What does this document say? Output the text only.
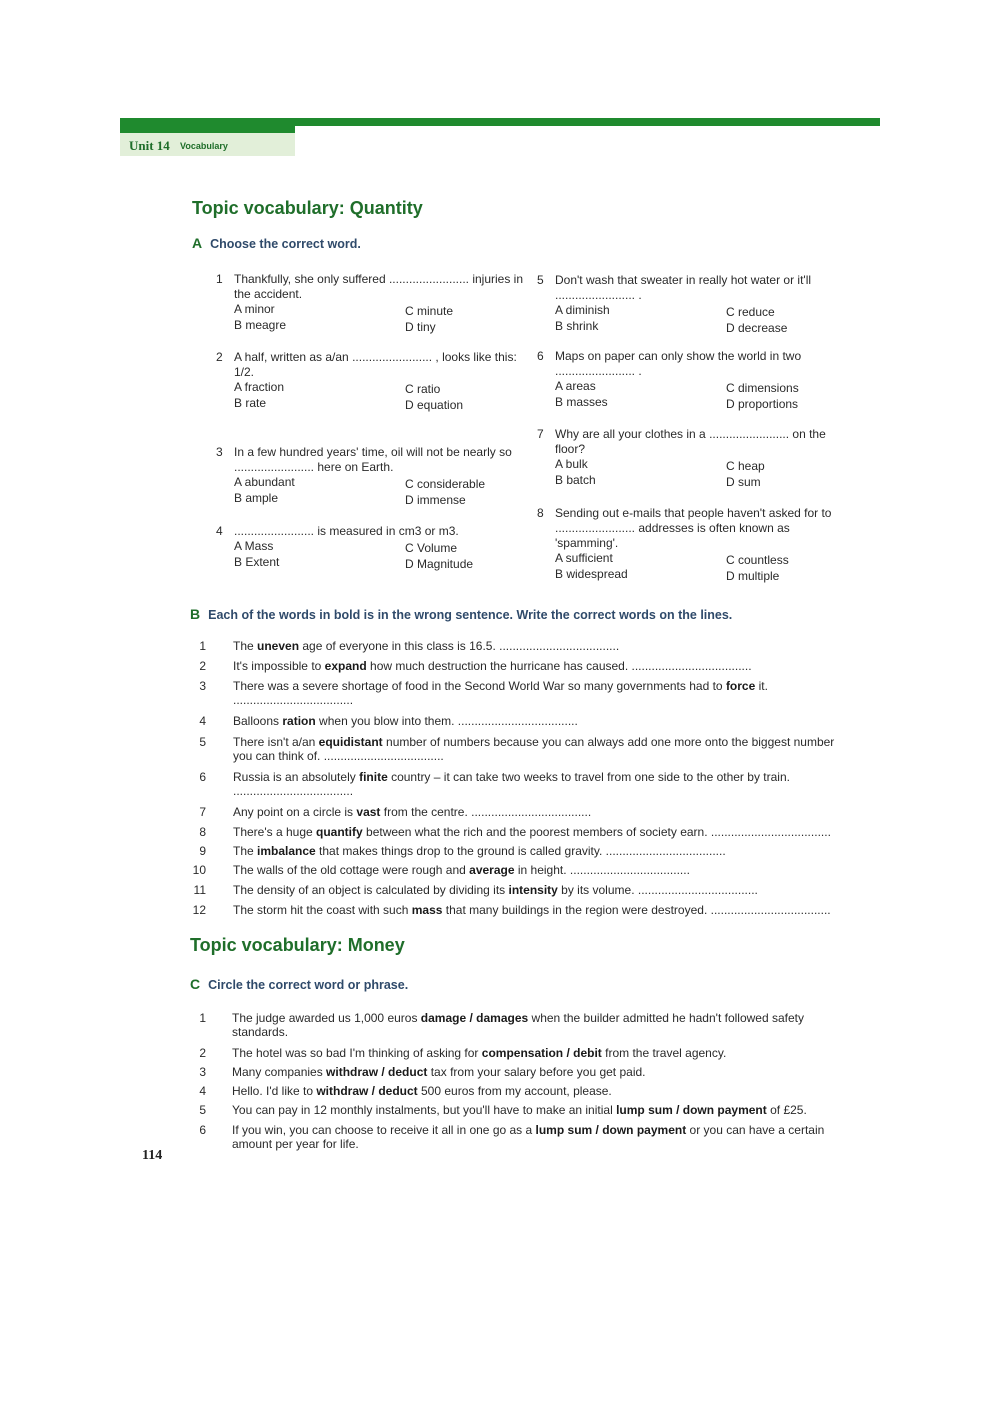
Unit 14 Vocabulary
Topic vocabulary: Quantity
A Choose the correct word.
1 Thankfully, she only suffered ........................ injuries in the accident.
A minor	C minute
B meagre	D tiny
2 A half, written as a/an ........................ , looks like this: 1/2.
A fraction	C ratio
B rate	D equation
3 In a few hundred years' time, oil will not be nearly so ........................ here on Earth.
A abundant	C considerable
B ample	D immense
4 ........................ is measured in cm3 or m3.
A Mass	C Volume
B Extent	D Magnitude
5 Don't wash that sweater in really hot water or it'll ........................ .
A diminish	C reduce
B shrink	D decrease
6 Maps on paper can only show the world in two ........................ .
A areas	C dimensions
B masses	D proportions
7 Why are all your clothes in a ........................ on the floor?
A bulk	C heap
B batch	D sum
8 Sending out e-mails that people haven't asked for to ........................ addresses is often known as 'spamming'.
A sufficient	C countless
B widespread	D multiple
B Each of the words in bold is in the wrong sentence. Write the correct words on the lines.
1 The uneven age of everyone in this class is 16.5. ....................................
2 It's impossible to expand how much destruction the hurricane has caused. ....................................
3 There was a severe shortage of food in the Second World War so many governments had to force it. ....................................
4 Balloons ration when you blow into them. ....................................
5 There isn't a/an equidistant number of numbers because you can always add one more onto the biggest number you can think of. ....................................
6 Russia is an absolutely finite country – it can take two weeks to travel from one side to the other by train. ....................................
7 Any point on a circle is vast from the centre. ....................................
8 There's a huge quantify between what the rich and the poorest members of society earn. ....................................
9 The imbalance that makes things drop to the ground is called gravity. ....................................
10 The walls of the old cottage were rough and average in height. ....................................
11 The density of an object is calculated by dividing its intensity by its volume. ....................................
12 The storm hit the coast with such mass that many buildings in the region were destroyed. ....................................
Topic vocabulary: Money
C Circle the correct word or phrase.
1 The judge awarded us 1,000 euros damage / damages when the builder admitted he hadn't followed safety standards.
2 The hotel was so bad I'm thinking of asking for compensation / debit from the travel agency.
3 Many companies withdraw / deduct tax from your salary before you get paid.
4 Hello. I'd like to withdraw / deduct 500 euros from my account, please.
5 You can pay in 12 monthly instalments, but you'll have to make an initial lump sum / down payment of £25.
6 If you win, you can choose to receive it all in one go as a lump sum / down payment or you can have a certain amount per year for life.
114
